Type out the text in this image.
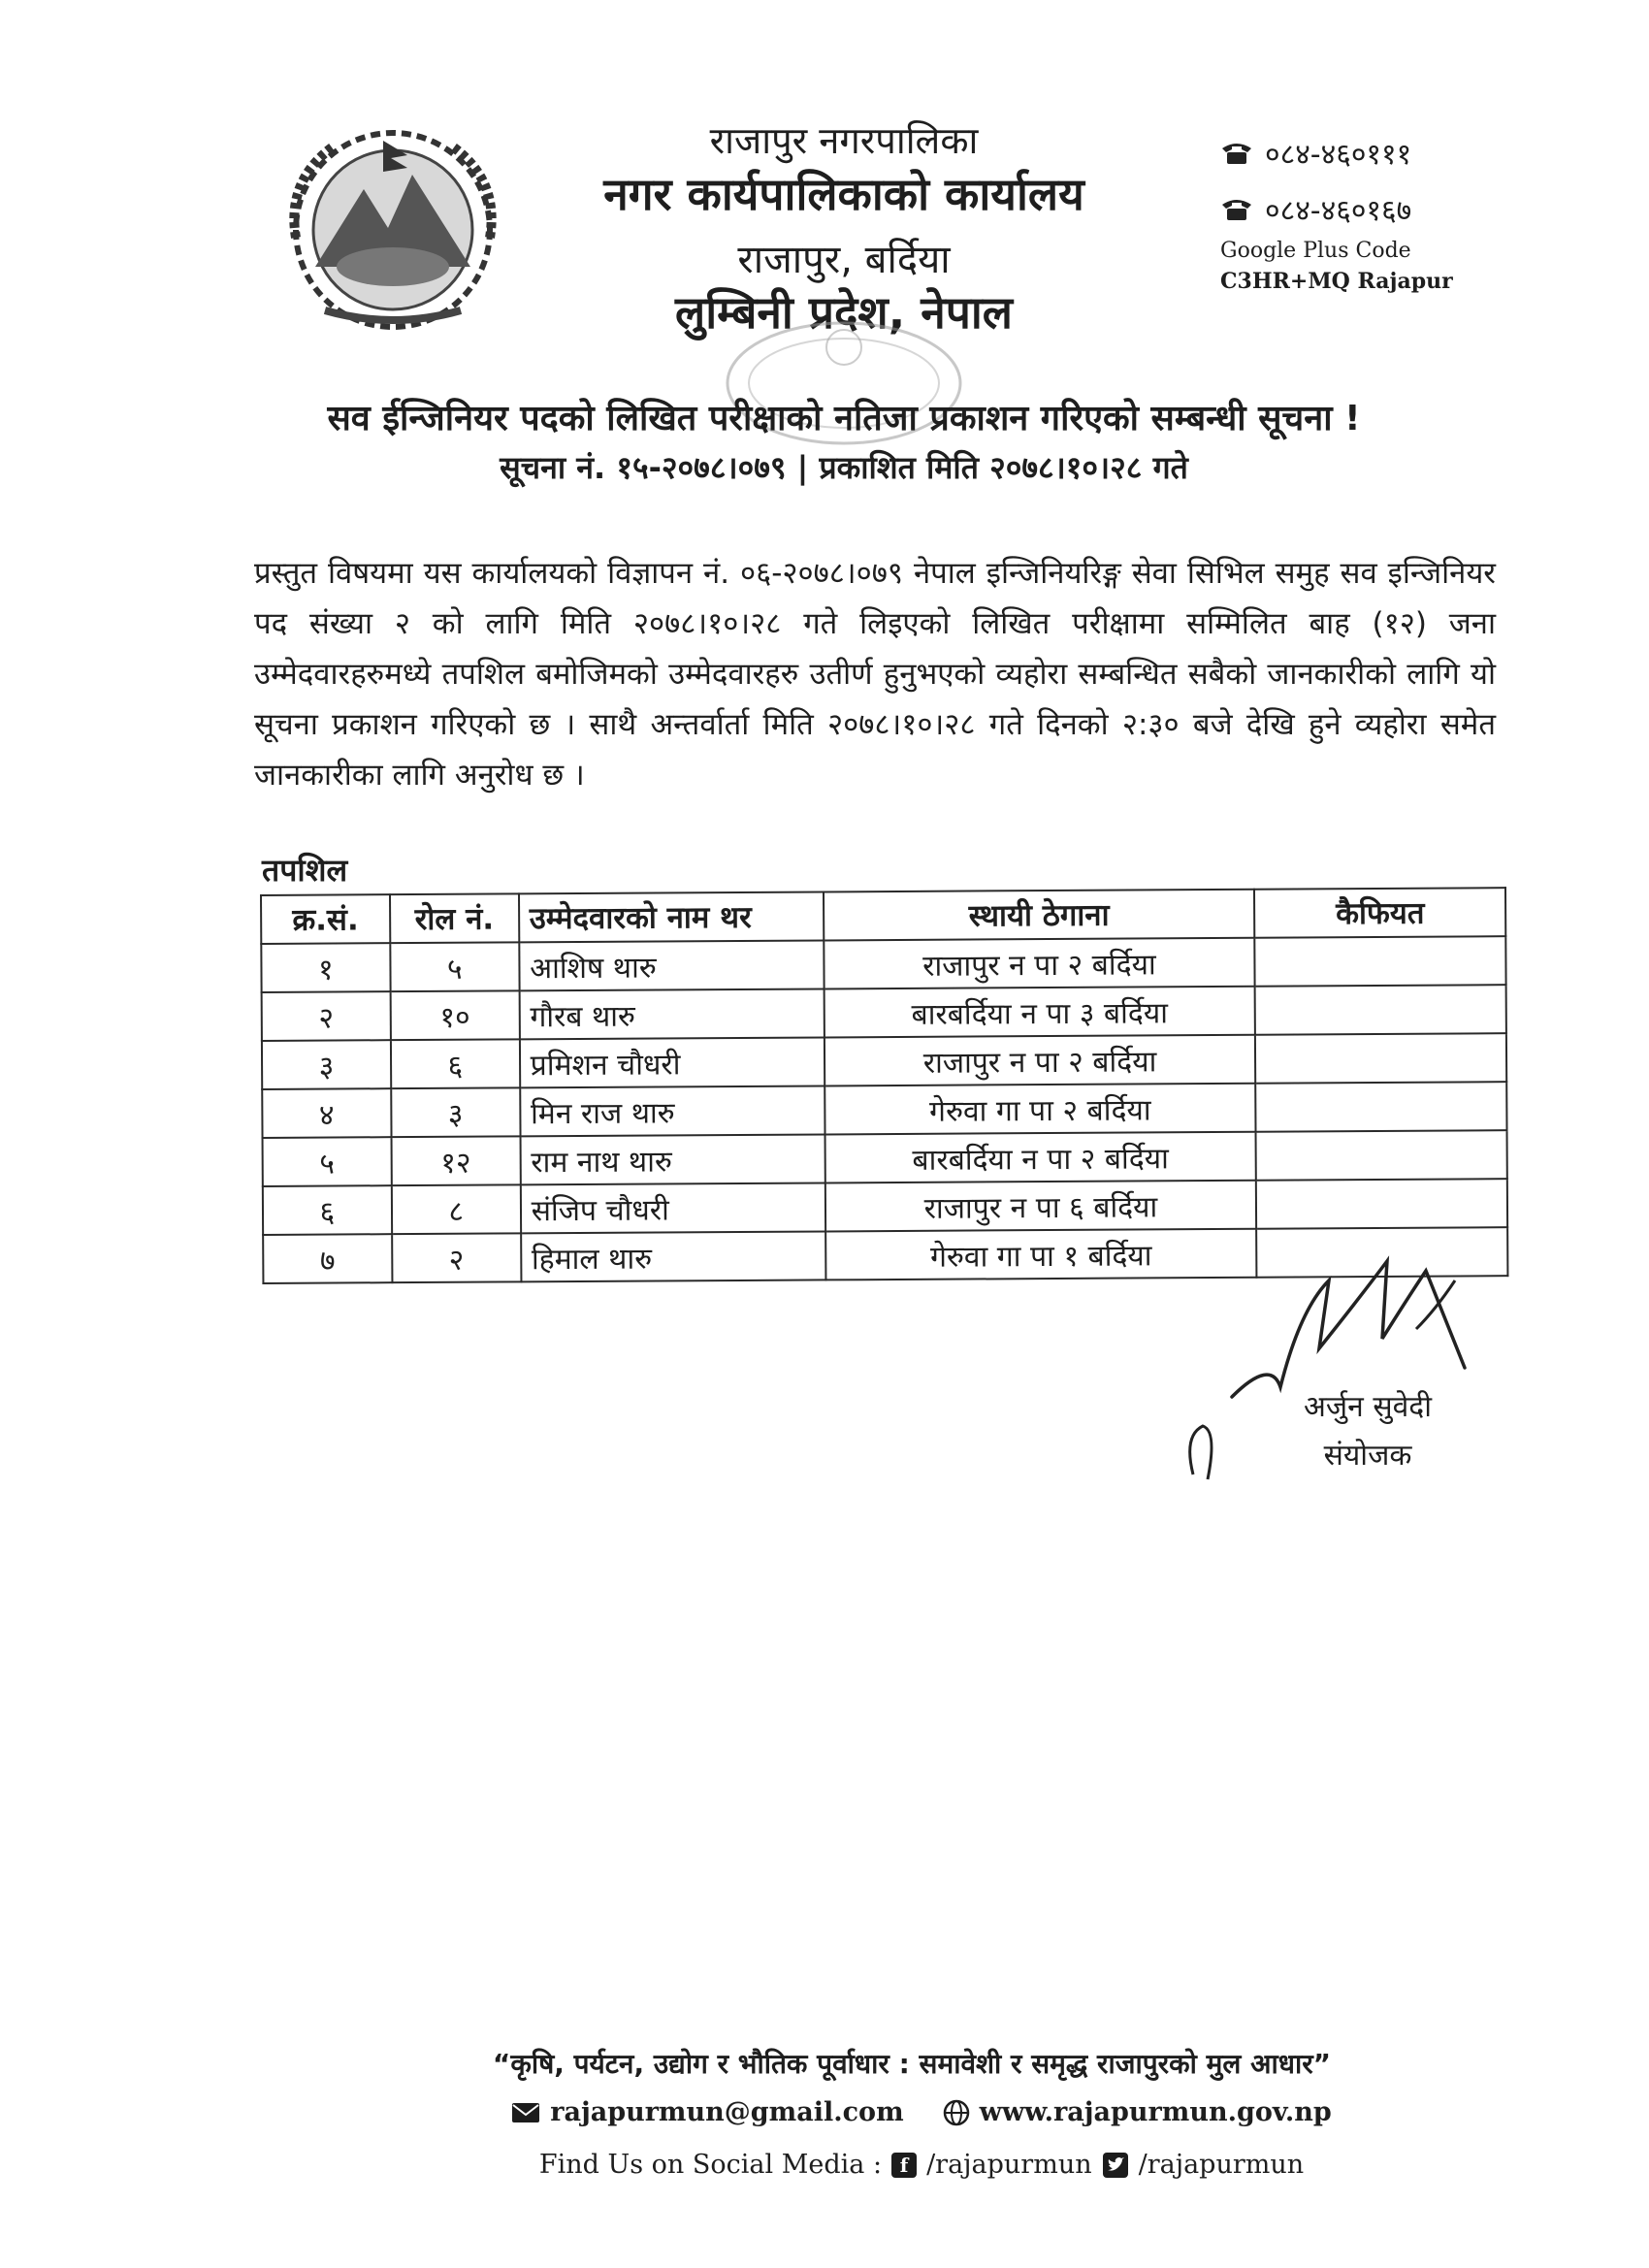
राजापुर नगरपालिका
नगर कार्यपालिकाको कार्यालय
राजापुर, बर्दिया
लुम्बिनी प्रदेश, नेपाल
०८४-४६०१११
०८४-४६०१६७
Google Plus Code
C3HR+MQ Rajapur
सव ईन्जिनियर पदको लिखित परीक्षाको नतिजा प्रकाशन गरिएको सम्बन्धी सूचना !
सूचना नं. १५-२०७८।०७९ | प्रकाशित मिति २०७८।१०।२८ गते
प्रस्तुत विषयमा यस कार्यालयको विज्ञापन नं. ०६-२०७८।०७९ नेपाल इन्जिनियरिङ्ग सेवा सिभिल समुह सव इन्जिनियर पद संख्या २ को लागि मिति २०७८।१०।२८ गते लिइएको लिखित परीक्षामा सम्मिलित बाह (१२) जना उम्मेदवारहरुमध्ये तपशिल बमोजिमको उम्मेदवारहरु उतीर्ण हुनुभएको व्यहोरा सम्बन्धित सबैको जानकारीको लागि यो सूचना प्रकाशन गरिएको छ । साथै अन्तर्वार्ता मिति २०७८।१०।२८ गते दिनको २:३० बजे देखि हुने व्यहोरा समेत जानकारीका लागि अनुरोध छ ।
तपशिल
क्र.सं.	रोल नं.	उम्मेदवारको नाम थर	स्थायी ठेगाना	कैफियत
१	५	आशिष थारु	राजापुर न पा २ बर्दिया	
२	१०	गौरब थारु	बारबर्दिया न पा ३ बर्दिया	
३	६	प्रमिशन चौधरी	राजापुर न पा २ बर्दिया	
४	३	मिन राज थारु	गेरुवा गा पा २ बर्दिया	
५	१२	राम नाथ थारु	बारबर्दिया न पा २ बर्दिया	
६	८	संजिप चौधरी	राजापुर न पा ६ बर्दिया	
७	२	हिमाल थारु	गेरुवा गा पा १ बर्दिया	
अर्जुन सुवेदी
संयोजक
“कृषि, पर्यटन, उद्योग र भौतिक पूर्वाधार : समावेशी र समृद्ध राजापुरको मुल आधार”
rajapurmun@gmail.com	www.rajapurmun.gov.np
Find Us on Social Media : f /rajapurmun /rajapurmun
